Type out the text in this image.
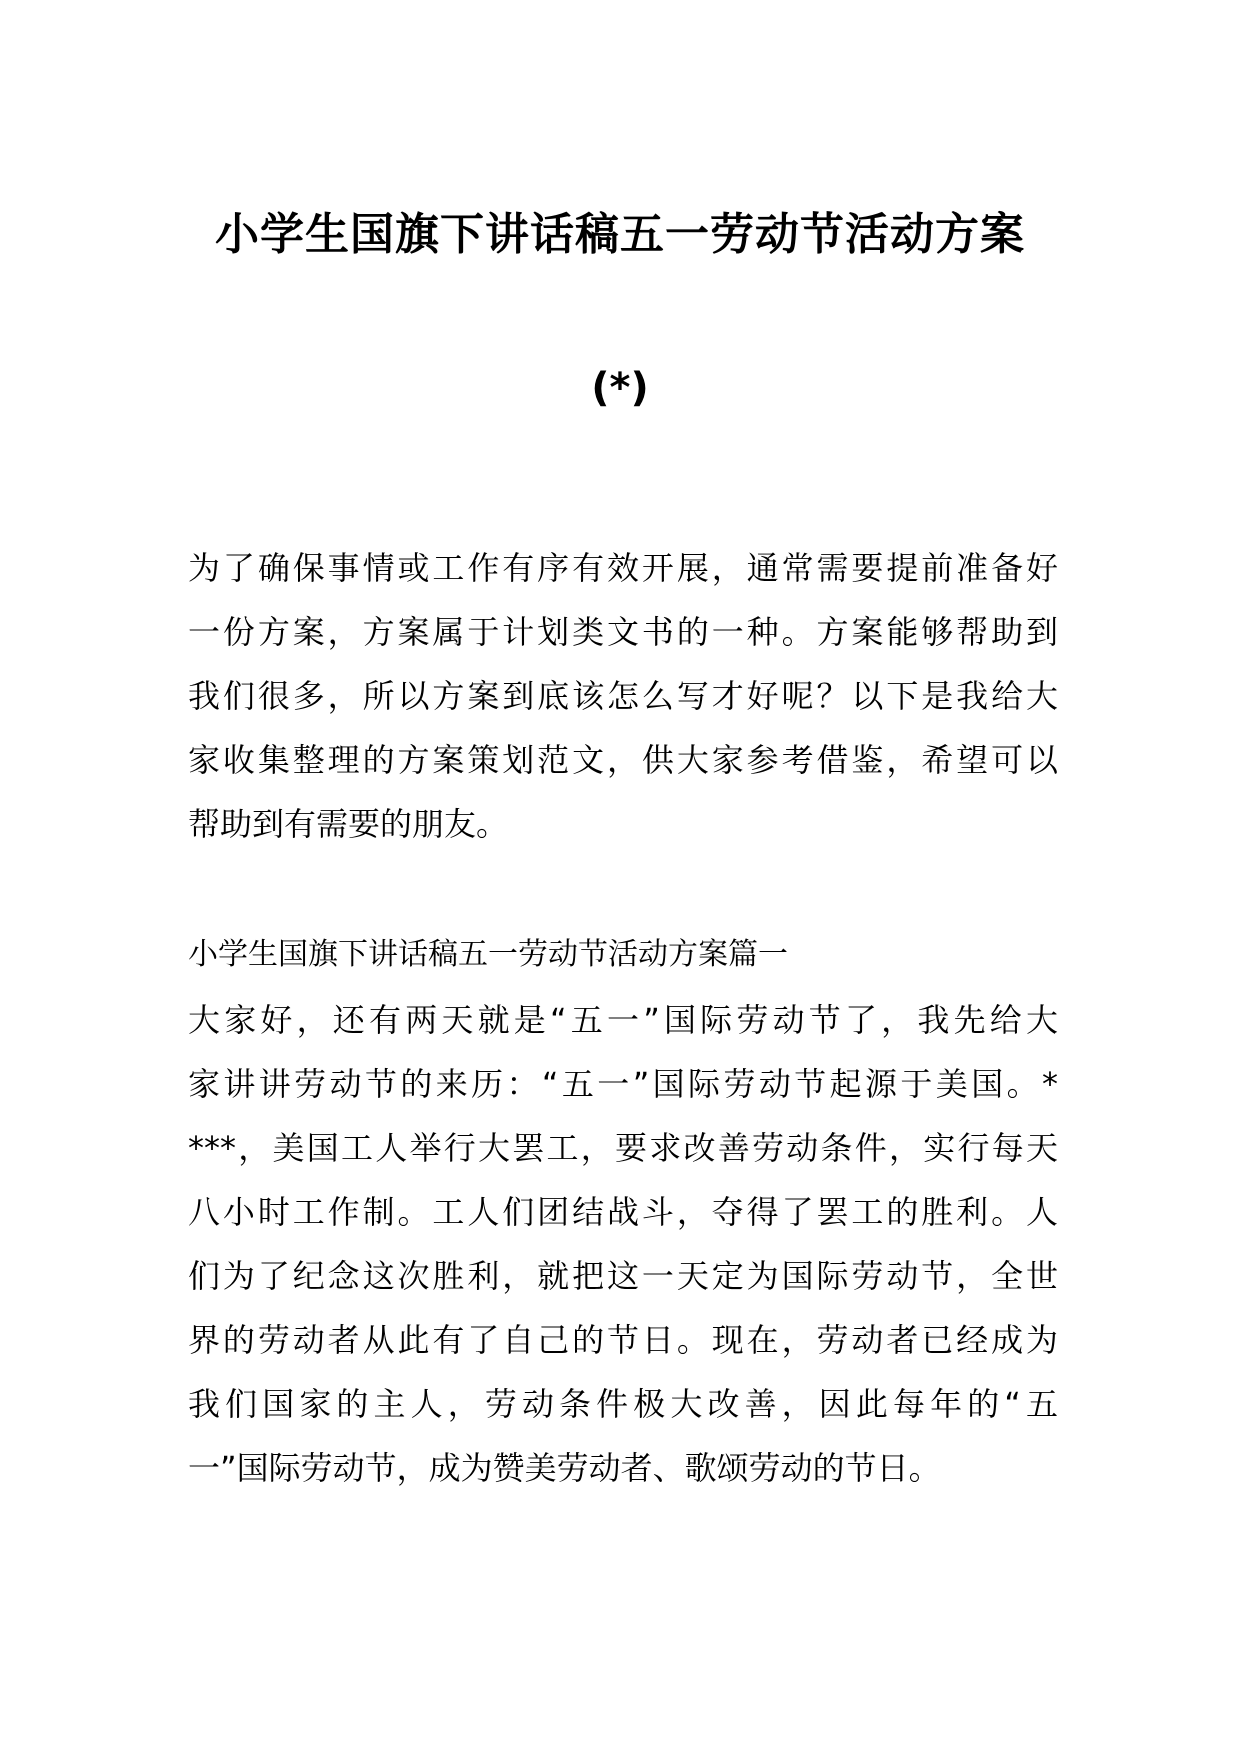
小学生国旗下讲话稿五一劳动节活动方案
(*)
为了确保事情或工作有序有效开展，通常需要提前准备好
一份方案，方案属于计划类文书的一种。方案能够帮助到
我们很多，所以方案到底该怎么写才好呢？以下是我给大
家收集整理的方案策划范文，供大家参考借鉴，希望可以
帮助到有需要的朋友。
小学生国旗下讲话稿五一劳动节活动方案篇一
大家好，还有两天就是“五一”国际劳动节了，我先给大
家讲讲劳动节的来历：“五一”国际劳动节起源于美国。*
***，美国工人举行大罢工，要求改善劳动条件，实行每天
八小时工作制。工人们团结战斗，夺得了罢工的胜利。人
们为了纪念这次胜利，就把这一天定为国际劳动节，全世
界的劳动者从此有了自己的节日。现在，劳动者已经成为
我们国家的主人，劳动条件极大改善，因此每年的“五
一”国际劳动节，成为赞美劳动者、歌颂劳动的节日。
